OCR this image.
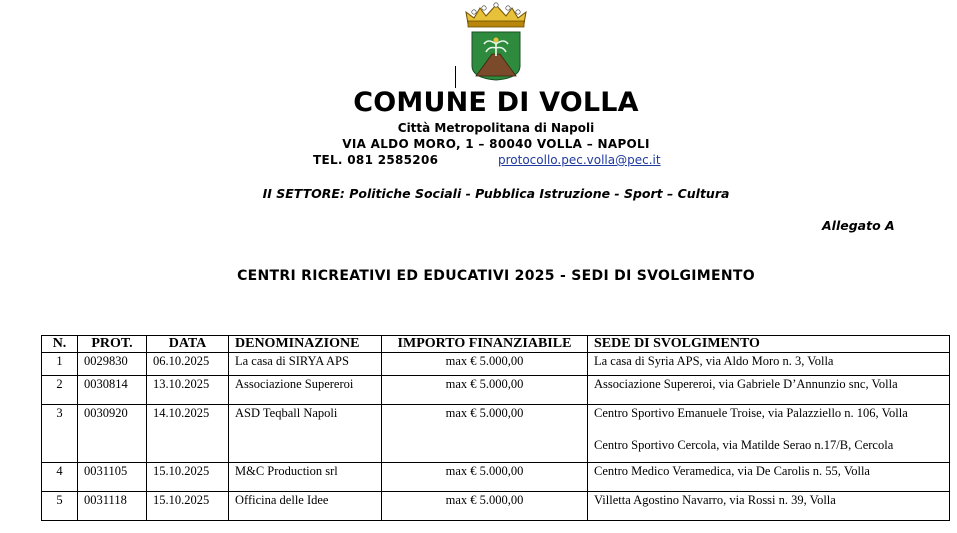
COMUNE DI VOLLA
Città Metropolitana di Napoli
VIA ALDO MORO, 1 – 80040 VOLLA – NAPOLI
TEL. 081 2585206	protocollo.pec.volla@pec.it
II SETTORE: Politiche Sociali - Pubblica Istruzione - Sport – Cultura
Allegato A
CENTRI RICREATIVI ED EDUCATIVI 2025 - SEDI DI SVOLGIMENTO
N.	PROT.	DATA	DENOMINAZIONE	IMPORTO FINANZIABILE	SEDE DI SVOLGIMENTO
1	0029830	06.10.2025	La casa di SIRYA APS	max € 5.000,00	La casa di Syria APS, via Aldo Moro n. 3, Volla
2	0030814	13.10.2025	Associazione Supereroi	max € 5.000,00	Associazione Supereroi, via Gabriele D’Annunzio snc, Volla
3	0030920	14.10.2025	ASD Teqball Napoli	max € 5.000,00	Centro Sportivo Emanuele Troise, via Palazziello n. 106, Volla
Centro Sportivo Cercola, via Matilde Serao n.17/B, Cercola

4	0031105	15.10.2025	M&C Production srl	max € 5.000,00	Centro Medico Veramedica, via De Carolis n. 55, Volla
5	0031118	15.10.2025	Officina delle Idee	max € 5.000,00	Villetta Agostino Navarro, via Rossi n. 39, Volla
